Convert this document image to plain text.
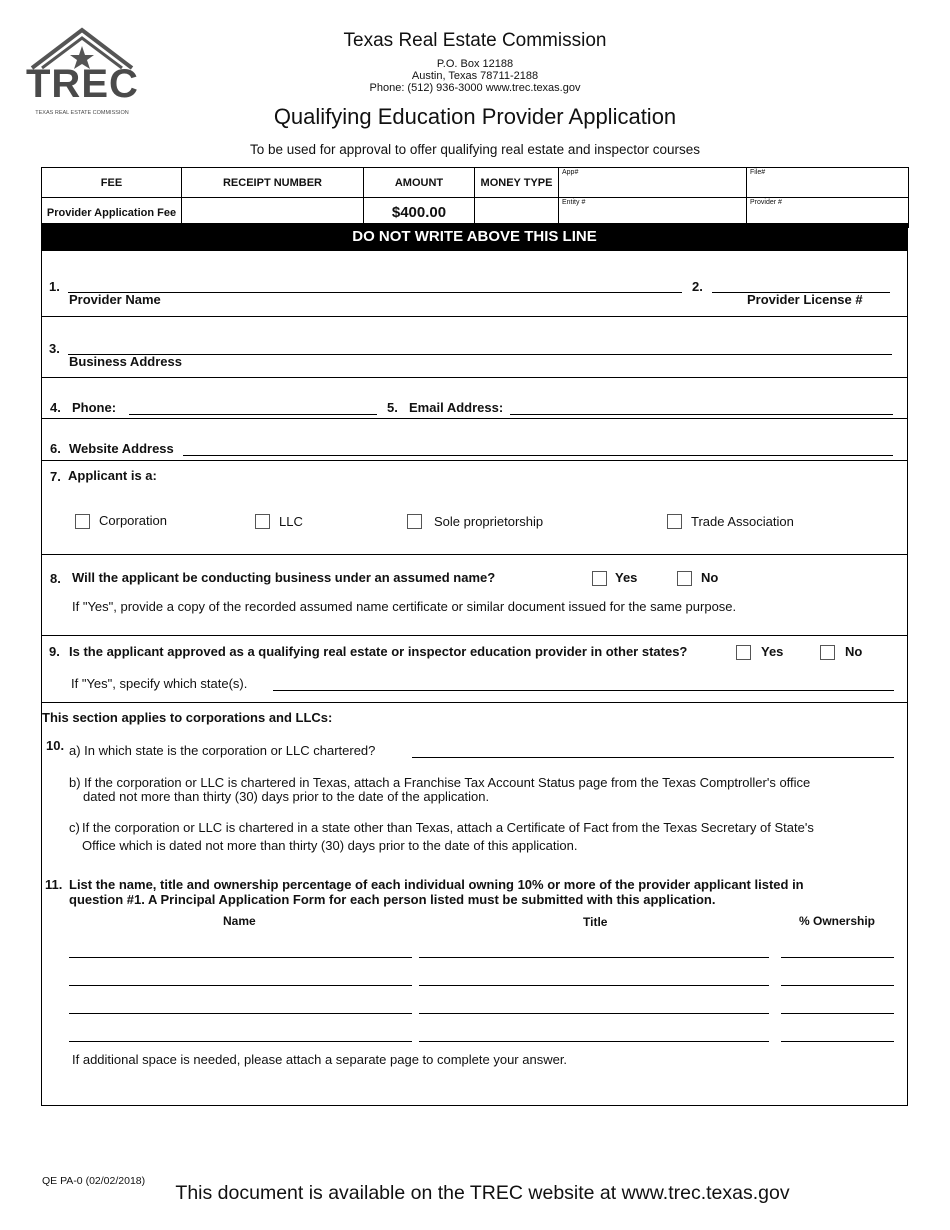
TREC
TEXAS REAL ESTATE COMMISSION
Texas Real Estate Commission
P.O. Box 12188
Austin, Texas 78711-2188
Phone: (512) 936-3000 www.trec.texas.gov
Qualifying Education Provider Application
To be used for approval to offer qualifying real estate and inspector courses
FEE	RECEIPT NUMBER	AMOUNT	MONEY TYPE	App#	File#
Provider Application Fee		$400.00		Entity #	Provider #
DO NOT WRITE ABOVE THIS LINE
1.
Provider Name
2.
Provider License #
3.
Business Address
4. Phone:	5. Email Address:
6. Website Address
7. Applicant is a:
Corporation	LLC	Sole proprietorship	Trade Association
8. Will the applicant be conducting business under an assumed name?	Yes	No
If "Yes", provide a copy of the recorded assumed name certificate or similar document issued for the same purpose.
9. Is the applicant approved as a qualifying real estate or inspector education provider in other states?	Yes	No
If "Yes", specify which state(s).
This section applies to corporations and LLCs:
10. a) In which state is the corporation or LLC chartered?
b) If the corporation or LLC is chartered in Texas, attach a Franchise Tax Account Status page from the Texas Comptroller's office
dated not more than thirty (30) days prior to the date of the application.
c) If the corporation or LLC is chartered in a state other than Texas, attach a Certificate of Fact from the Texas Secretary of State's
Office which is dated not more than thirty (30) days prior to the date of this application.
11. List the name, title and ownership percentage of each individual owning 10% or more of the provider applicant listed in
question #1. A Principal Application Form for each person listed must be submitted with this application.
Name	Title	% Ownership
If additional space is needed, please attach a separate page to complete your answer.
QE PA-0 (02/02/2018)
This document is available on the TREC website at www.trec.texas.gov
